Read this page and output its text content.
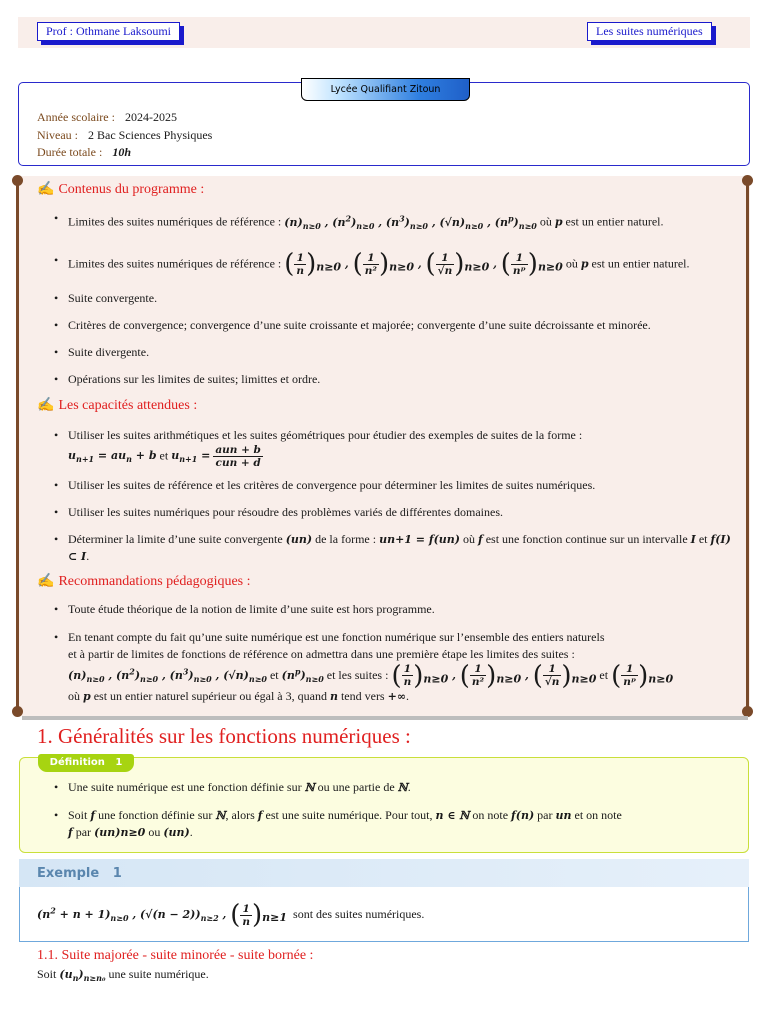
Prof : Othmane Laksoumi	Les suites numériques
Lycée Qualifiant Zitoun
Année scolaire : 2024-2025
Niveau : 2 Bac Sciences Physiques
Durée totale : 10h
✍ Contenus du programme :
• Limites des suites numériques de référence : $(n)_{n\ge 0}$ , $(n^2)_{n\ge 0}$ , $(n^3)_{n\ge 0}$ , $(√n)_{n\ge 0}$ , $(n^p)_{n\ge 0}$ où p est un entier naturel.
• Limites des suites numériques de référence : ( $\frac{1}{n} )_{n\ge 0}$ , ( $\frac{1}{\text{n²}} )_{n\ge 0}$ , ( $\frac{1}{√n} )_{n\ge 0}$ , ( $\frac{1}{\text{nᵖ}} )_{n\ge 0}$ où p est un entier naturel.
• Suite convergente.
• Critères de convergence; convergence d’une suite croissante et majorée; convergente d’une suite décroissante et minorée.
• Suite divergente.
• Opérations sur les limites de suites; limittes et ordre.
✍ Les capacités attendues :
• Utiliser les suites arithmétiques et les suites géométriques pour étudier des exemples de suites de la forme :
$u_{n+1} = au_n + b$ et $u_{n+1} = \frac{\text{aun + b}}{\text{cun + d}}$
• Utiliser les suites de référence et les critères de convergence pour déterminer les limites de suites numériques.
• Utiliser les suites numériques pour résoudre des problèmes variés de différentes domaines.
• Déterminer la limite d’une suite convergente (un) de la forme : un+1 = f(un) où f est une fonction continue sur un intervalle I et f(I) ⊂ I.
✍ Recommandations pédagogiques :
• Toute étude théorique de la notion de limite d’une suite est hors programme.
• En tenant compte du fait qu’une suite numérique est une fonction numérique sur l’ensemble des entiers naturels
et à partir de limites de fonctions de référence on admettra dans une première étape les limites des suites :
$(n)_{n\ge 0}$ , $(n^2)_{n\ge 0}$ , $(n^3)_{n\ge 0}$ , $(√n)_{n\ge 0}$ et $(n^p)_{n\ge 0}$ et les suites : ( $\frac{1}{n} )_{n\ge 0}$ , ( $\frac{1}{\text{n²}} )_{n\ge 0}$ , ( $\frac{1}{√n} )_{n\ge 0}$ et ( $\frac{1}{\text{nᵖ}} )_{n\ge 0}$
où p est un entier naturel supérieur ou égal à 3, quand n tend vers +∞.
1. Généralités sur les fonctions numériques :
Définition   1
• Une suite numérique est une fonction définie sur ℕ ou une partie de ℕ.
• Soit f une fonction définie sur ℕ, alors f est une suite numérique. Pour tout, n ∈ ℕ on note f(n) par un et on note
f par (un)n≥0 ou (un).
Exemple   1
$(n^2 + n + 1)_{n\ge 0}$ , $(√(n - 2))_{n\ge 2}$ , ( $\frac{1}{n} )_{n\ge 1}$ sont des suites numériques.
1.1. Suite majorée - suite minorée - suite bornée :
Soit $(u_n)_{n\ge n_0}$ une suite numérique.
